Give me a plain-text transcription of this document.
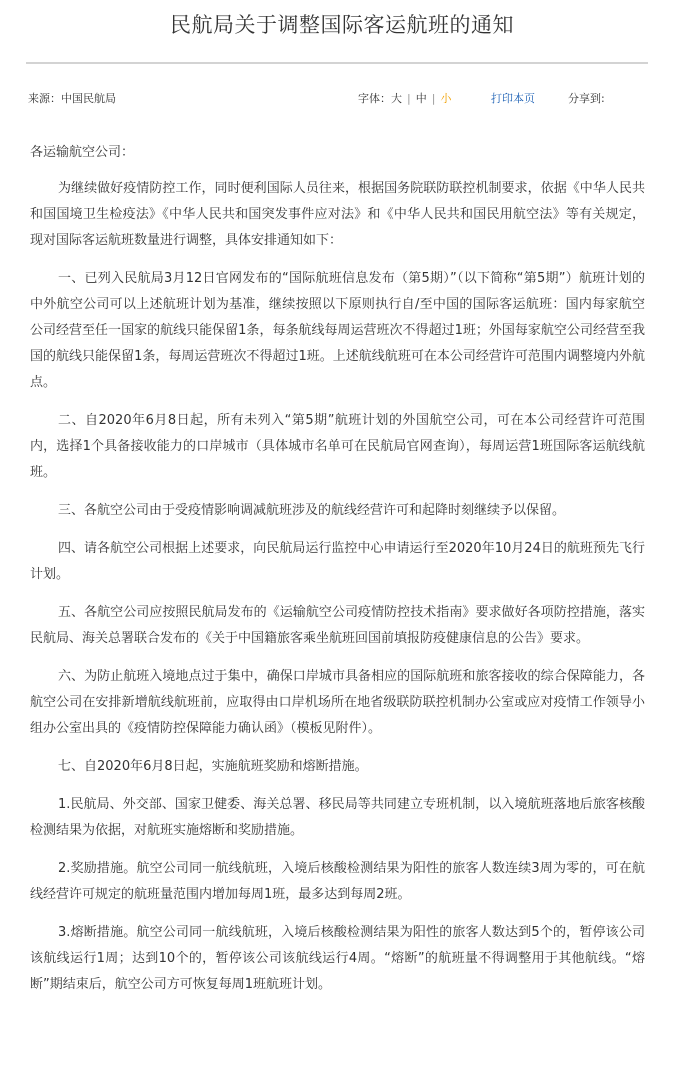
民航局关于调整国际客运航班的通知
来源：中国民航局	字体：大 | 中 | 小	打印本页	分享到:

各运输航空公司：

为继续做好疫情防控工作，同时便利国际人员往来，根据国务院联防联控机制要求，依据《中华人民共和国国境卫生检疫法》《中华人民共和国突发事件应对法》和《中华人民共和国民用航空法》等有关规定，现对国际客运航班数量进行调整，具体安排通知如下：

一、已列入民航局3月12日官网发布的“国际航班信息发布（第5期）”（以下简称“第5期”）航班计划的中外航空公司可以上述航班计划为基准，继续按照以下原则执行自/至中国的国际客运航班：国内每家航空公司经营至任一国家的航线只能保留1条，每条航线每周运营班次不得超过1班；外国每家航空公司经营至我国的航线只能保留1条，每周运营班次不得超过1班。上述航线航班可在本公司经营许可范围内调整境内外航点。

二、自2020年6月8日起，所有未列入“第5期”航班计划的外国航空公司，可在本公司经营许可范围内，选择1个具备接收能力的口岸城市（具体城市名单可在民航局官网查询），每周运营1班国际客运航线航班。

三、各航空公司由于受疫情影响调减航班涉及的航线经营许可和起降时刻继续予以保留。

四、请各航空公司根据上述要求，向民航局运行监控中心申请运行至2020年10月24日的航班预先飞行计划。

五、各航空公司应按照民航局发布的《运输航空公司疫情防控技术指南》要求做好各项防控措施，落实民航局、海关总署联合发布的《关于中国籍旅客乘坐航班回国前填报防疫健康信息的公告》要求。

六、为防止航班入境地点过于集中，确保口岸城市具备相应的国际航班和旅客接收的综合保障能力，各航空公司在安排新增航线航班前，应取得由口岸机场所在地省级联防联控机制办公室或应对疫情工作领导小组办公室出具的《疫情防控保障能力确认函》（模板见附件）。

七、自2020年6月8日起，实施航班奖励和熔断措施。

1.民航局、外交部、国家卫健委、海关总署、移民局等共同建立专班机制，以入境航班落地后旅客核酸检测结果为依据，对航班实施熔断和奖励措施。

2.奖励措施。航空公司同一航线航班，入境后核酸检测结果为阳性的旅客人数连续3周为零的，可在航线经营许可规定的航班量范围内增加每周1班，最多达到每周2班。

3.熔断措施。航空公司同一航线航班，入境后核酸检测结果为阳性的旅客人数达到5个的，暂停该公司该航线运行1周；达到10个的，暂停该公司该航线运行4周。“熔断”的航班量不得调整用于其他航线。“熔断”期结束后，航空公司方可恢复每周1班航班计划。
